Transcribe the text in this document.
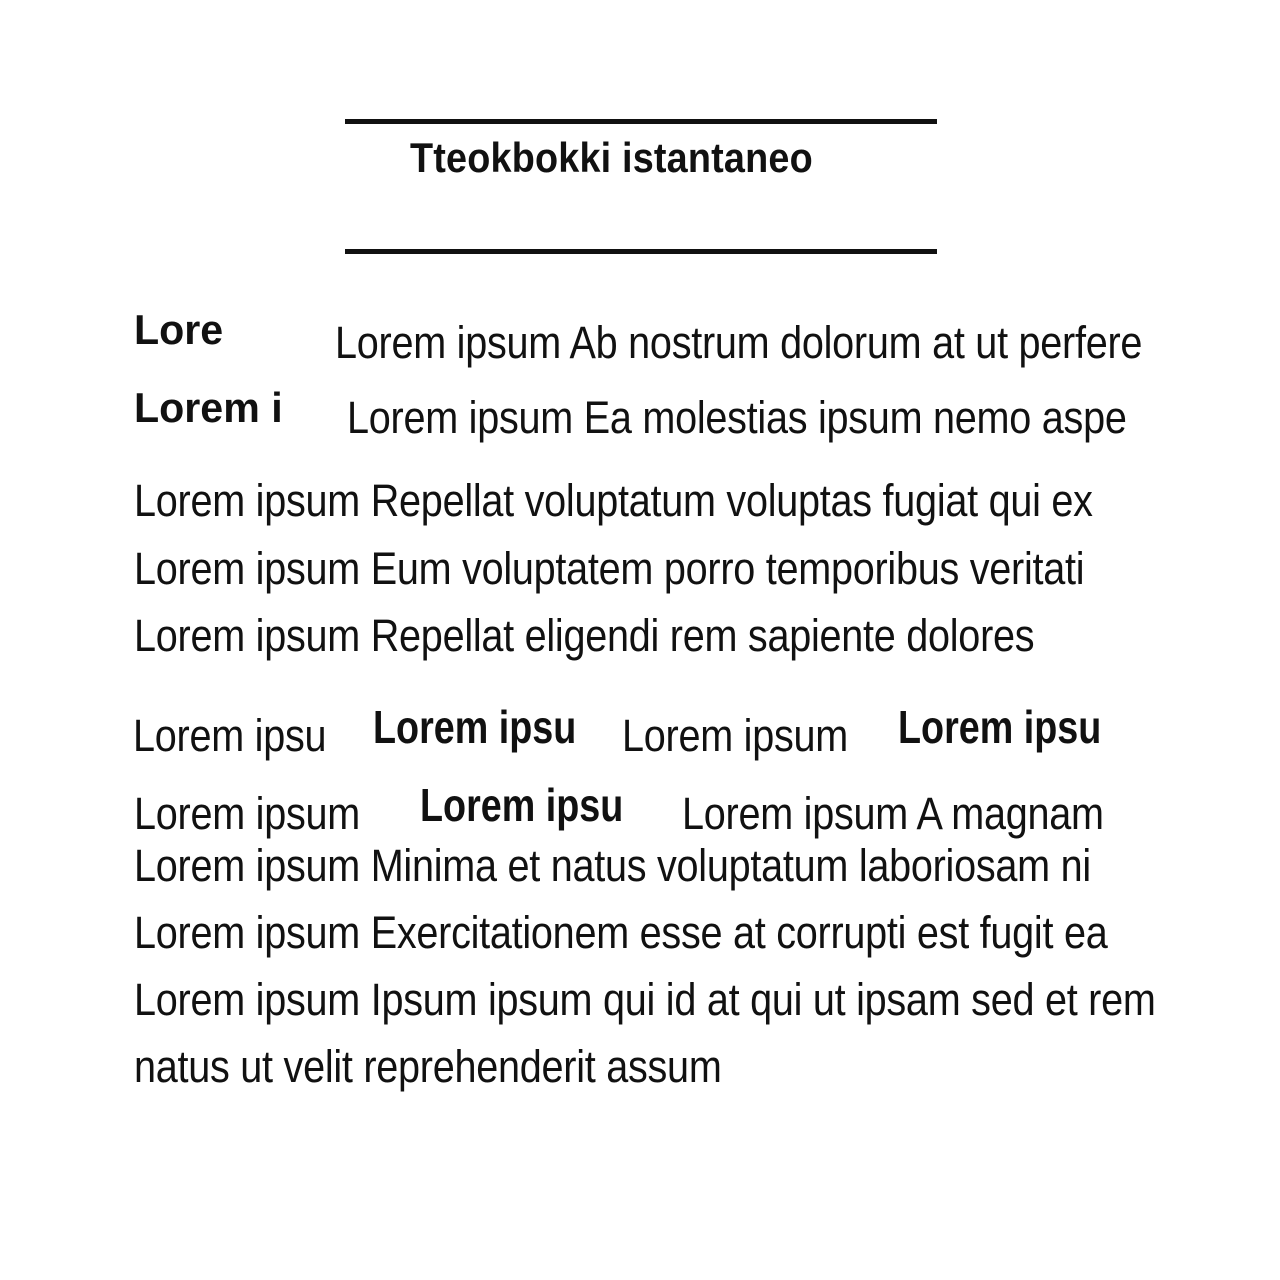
Tteokbokki istantaneo
Lore Lorem ipsum Ab nostrum dolorum at ut perfere
Lorem i Lorem ipsum Ea molestias ipsum nemo aspe
Lorem ipsum Repellat voluptatum voluptas fugiat qui ex
Lorem ipsum Eum voluptatem porro temporibus veritati
Lorem ipsum Repellat eligendi rem sapiente dolores
Lorem ipsu Lorem ipsu Lorem ipsum Lorem ipsu
Lorem ipsum Lorem ipsu Lorem ipsum A magnam
Lorem ipsum Minima et natus voluptatum laboriosam ni
Lorem ipsum Exercitationem esse at corrupti est fugit ea
Lorem ipsum Ipsum ipsum qui id at qui ut ipsam sed et rem
natus ut velit reprehenderit assum
